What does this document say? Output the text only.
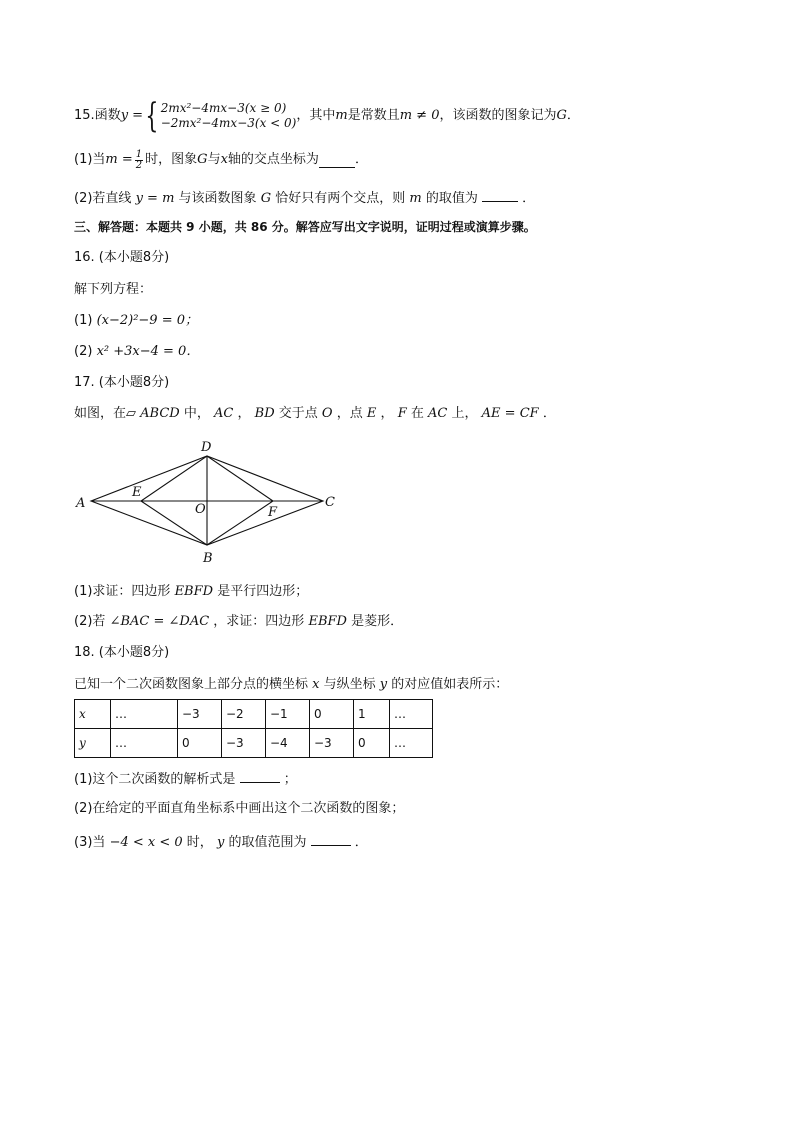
15. 函数 y = { 2mx²−4mx−3(x ≥ 0)
−2mx²−4mx−3(x < 0) ，其中 m 是常数且 m ≠ 0 ，该函数的图象记为 G ．
(1)当 $m = \frac{1}{2}$ 时，图象 G 与 x 轴的交点坐标为	．
(2)若直线 y = m 与该函数图象 G 恰好只有两个交点，则 m 的取值为	．
三、解答题：本题共 9 小题，共 86 分。解答应写出文字说明，证明过程或演算步骤。
16. (本小题8分)
解下列方程：
(1) (x−2)²−9 = 0；
(2) x² +3x−4 = 0．
17. (本小题8分)
如图，在▱ ABCD 中， AC ， BD 交于点 O ，点 E ， F 在 AC 上， AE = CF ．
D
A
E
O	F
C
B
(1)求证：四边形 EBFD 是平行四边形；
(2)若 ∠BAC = ∠DAC ，求证：四边形 EBFD 是菱形．
18. (本小题8分)
已知一个二次函数图象上部分点的横坐标 x 与纵坐标 y 的对应值如表所示：
x	…	−3	−2	−1	0	1	…
y	…	0	−3	−4	−3	0	…
(1)这个二次函数的解析式是	；
(2)在给定的平面直角坐标系中画出这个二次函数的图象；
(3)当 −4 < x < 0 时， y 的取值范围为	．
